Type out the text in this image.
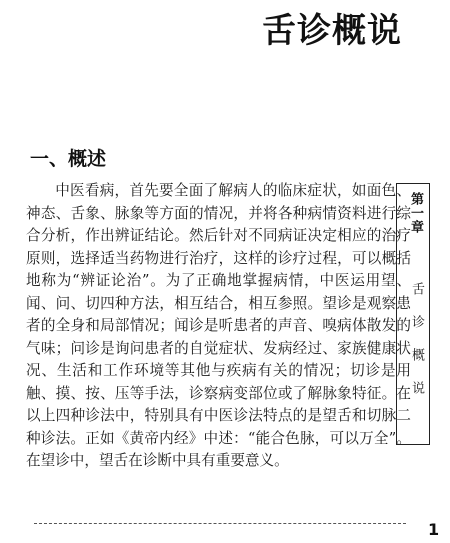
舌诊概说
一、概述

中医看病，首先要全面了解病人的临床症状，如面色、神态、舌象、脉象等方面的情况，并将各种病情资料进行综合分析，作出辨证结论。然后针对不同病证决定相应的治疗原则，选择适当药物进行治疗，这样的诊疗过程，可以概括地称为“辨证论治”。为了正确地掌握病情，中医运用望、闻、问、切四种方法，相互结合，相互参照。望诊是观察患者的全身和局部情况；闻诊是听患者的声音、嗅病体散发的气味；问诊是询问患者的自觉症状、发病经过、家族健康状况、生活和工作环境等其他与疾病有关的情况；切诊是用触、摸、按、压等手法，诊察病变部位或了解脉象特征。在以上四种诊法中，特别具有中医诊法特点的是望舌和切脉二种诊法。正如《黄帝内经》中述：“能合色脉，可以万全”。在望诊中，望舌在诊断中具有重要意义。

第一章
舌诊概说
1
